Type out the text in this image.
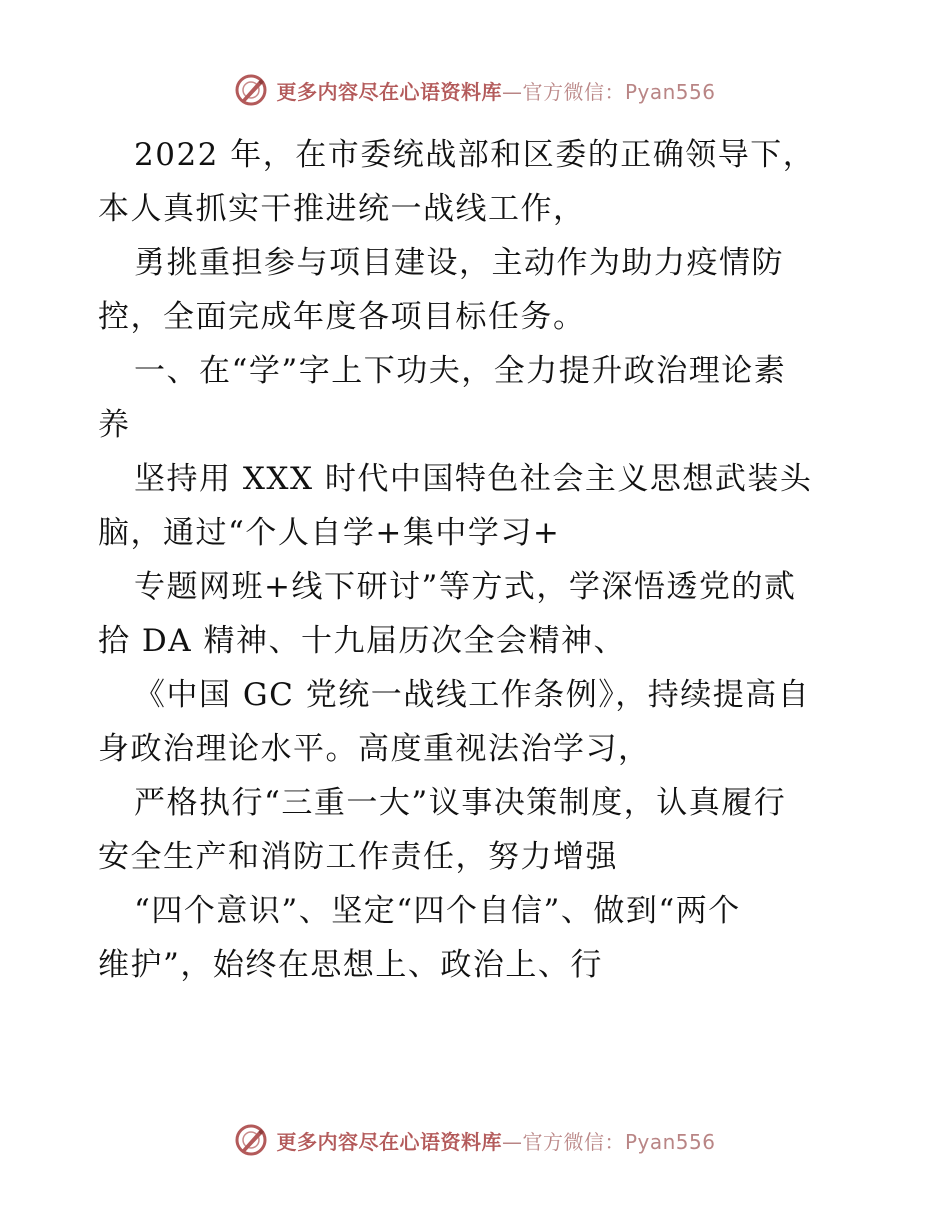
更多内容尽在心语资料库—官方微信：Pyan556

2022 年，在市委统战部和区委的正确领导下，

本人真抓实干推进统一战线工作，

勇挑重担参与项目建设，主动作为助力疫情防

控，全面完成年度各项目标任务。

一、在“学”字上下功夫，全力提升政治理论素

养

坚持用 XXX 时代中国特色社会主义思想武装头

脑，通过“个人自学+集中学习+

专题网班+线下研讨”等方式，学深悟透党的贰

拾 DA 精神、十九届历次全会精神、

《中国 GC 党统一战线工作条例》，持续提高自

身政治理论水平。高度重视法治学习，

严格执行“三重一大”议事决策制度，认真履行

安全生产和消防工作责任，努力增强

“四个意识”、坚定“四个自信”、做到“两个

维护”，始终在思想上、政治上、行

更多内容尽在心语资料库—官方微信：Pyan556
